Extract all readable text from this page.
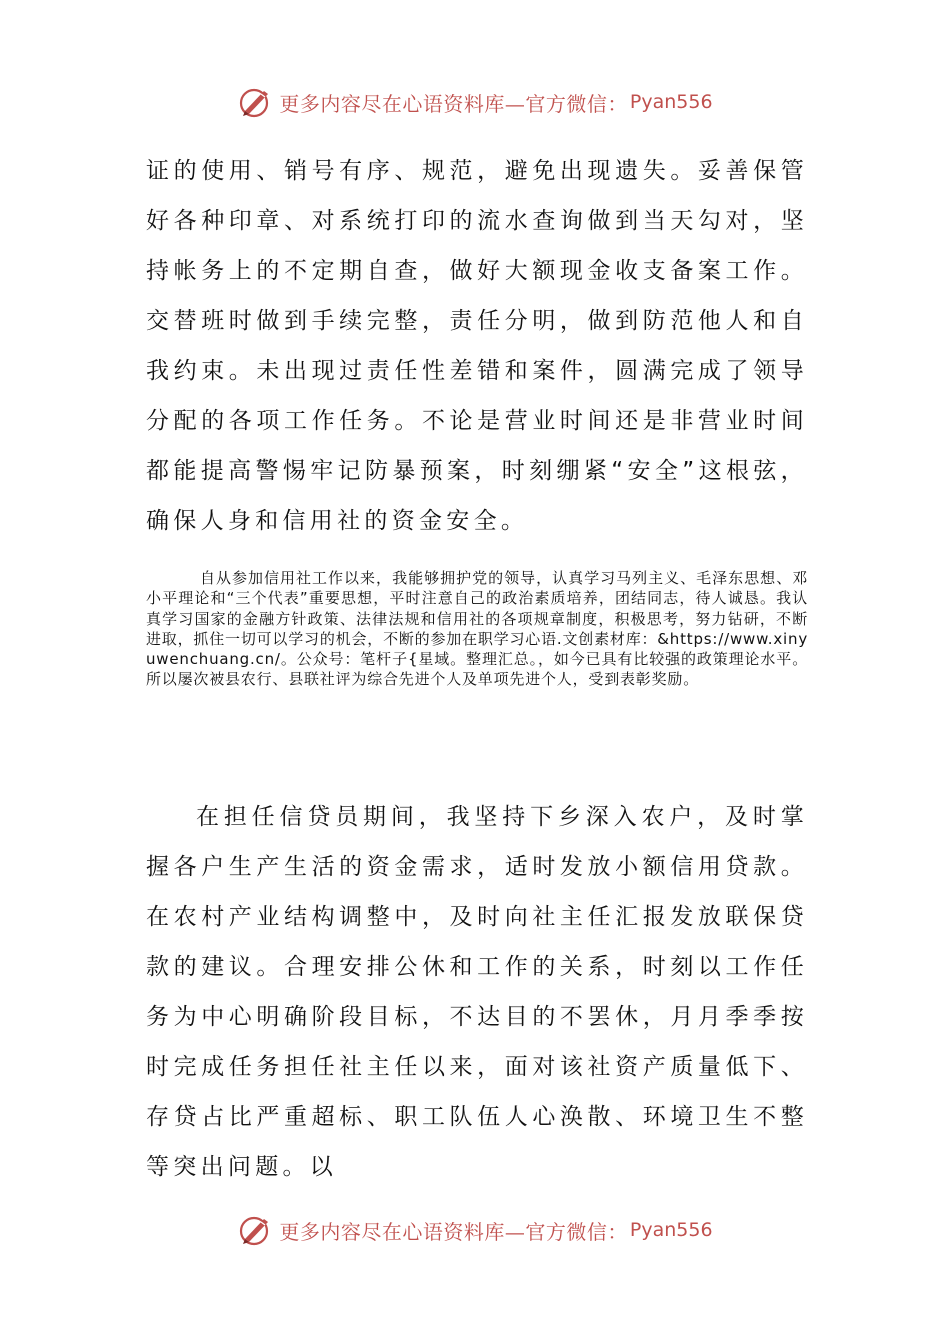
更多内容尽在心语资料库—官方微信： Pyan556

证的使用、销号有序、规范，避免出现遗失。妥善保管好各种印章、对系统打印的流水查询做到当天勾对，坚持帐务上的不定期自查，做好大额现金收支备案工作。交替班时做到手续完整，责任分明，做到防范他人和自我约束。未出现过责任性差错和案件，圆满完成了领导分配的各项工作任务。不论是营业时间还是非营业时间都能提高警惕牢记防暴预案，时刻绷紧“安全”这根弦，确保人身和信用社的资金安全。

自从参加信用社工作以来，我能够拥护党的领导，认真学习马列主义、毛泽东思想、邓小平理论和“三个代表”重要思想，平时注意自己的政治素质培养，团结同志，待人诚恳。我认真学习国家的金融方针政策、法律法规和信用社的各项规章制度，积极思考，努力钻研，不断进取，抓住一切可以学习的机会，不断的参加在职学习心语.文创素材库：&https://www.xinyuwenchuang.cn/。公众号：笔杆子{星域。整理汇总。，如今已具有比较强的政策理论水平。所以屡次被县农行、县联社评为综合先进个人及单项先进个人，受到表彰奖励。

在担任信贷员期间，我坚持下乡深入农户，及时掌握各户生产生活的资金需求，适时发放小额信用贷款。在农村产业结构调整中，及时向社主任汇报发放联保贷款的建议。合理安排公休和工作的关系，时刻以工作任务为中心明确阶段目标，不达目的不罢休，月月季季按时完成任务担任社主任以来，面对该社资产质量低下、存贷占比严重超标、职工队伍人心涣散、环境卫生不整等突出问题。以

更多内容尽在心语资料库—官方微信： Pyan556
